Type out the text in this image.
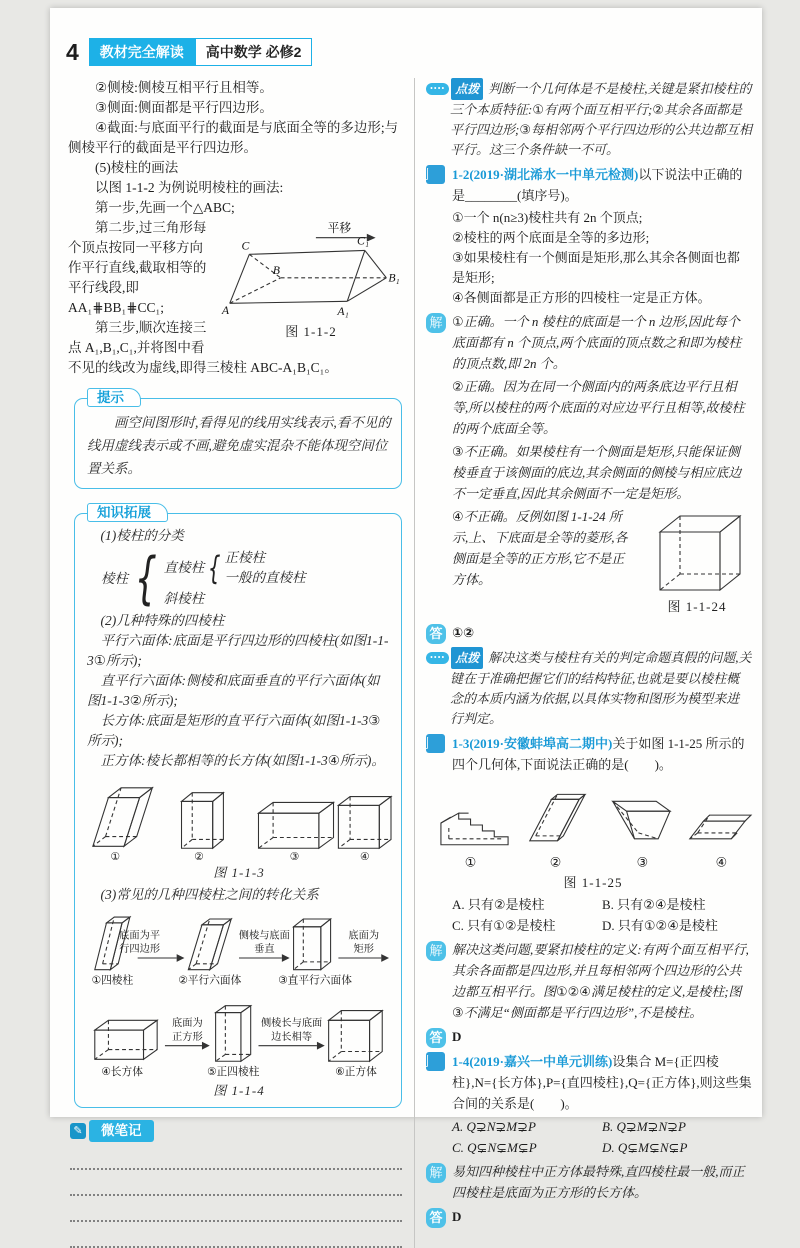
4	教材完全解读	高中数学 必修2

②侧棱:侧棱互相平行且相等。

③侧面:侧面都是平行四边形。

④截面:与底面平行的截面是与底面全等的多边形;与侧棱平行的截面是平行四边形。

(5)棱柱的画法

以图 1-1-2 为例说明棱柱的画法:

第一步,先画一个△ABC;

平移
A
C
B
A₁
C₁
B₁
图 1-1-2

第二步,过三角形每个顶点按同一平移方向作平行直线,截取相等的平行线段,即 AA₁⋕BB₁⋕CC₁;

第三步,顺次连接三点 A₁,B₁,C₁,并将图中看不见的线改为虚线,即得三棱柱 ABC-A₁B₁C₁。

提示

画空间图形时,看得见的线用实线表示,看不见的线用虚线表示或不画,避免虚实混杂不能体现空间位置关系。

知识拓展

(1)棱柱的分类

棱柱 { 直棱柱 { 正棱柱
一般的直棱柱
斜棱柱

(2)几种特殊的四棱柱

平行六面体:底面是平行四边形的四棱柱(如图1-1-3①所示);

直平行六面体:侧棱和底面垂直的平行六面体(如图1-1-3②所示);

长方体:底面是矩形的直平行六面体(如图1-1-3③所示);

正方体:棱长都相等的长方体(如图1-1-3④所示)。

①	②	③	④
图 1-1-3

(3)常见的几种四棱柱之间的转化关系

底面为平
行四边形
侧棱与底面
垂直
底面为
矩形
①四棱柱	②平行六面体	③直平行六面体
底面为
正方形
侧棱长与底面
边长相等
④长方体	⑤正四棱柱	⑥正方体
图 1-1-4
✎	微笔记

•••• 点拨 判断一个几何体是不是棱柱,关键是紧扣棱柱的三个本质特征:①有两个面互相平行;②其余各面都是平行四边形;③每相邻两个平行四边形的公共边都互相平行。这三个条件缺一不可。

例 1-2(2019·湖北浠水一中单元检测)以下说法中正确的是________(填序号)。

①一个 n(n≥3)棱柱共有 2n 个顶点;

②棱柱的两个底面是全等的多边形;

③如果棱柱有一个侧面是矩形,那么其余各侧面也都是矩形;

④各侧面都是正方形的四棱柱一定是正方体。

解 ①正确。一个 n 棱柱的底面是一个 n 边形,因此每个底面都有 n 个顶点,两个底面的顶点数之和即为棱柱的顶点数,即 2n 个。

②正确。因为在同一个侧面内的两条底边平行且相等,所以棱柱的两个底面的对应边平行且相等,故棱柱的两个底面全等。

③不正确。如果棱柱有一个侧面是矩形,只能保证侧棱垂直于该侧面的底边,其余侧面的侧棱与相应底边不一定垂直,因此其余侧面不一定是矩形。

图 1-1-24

④不正确。反例如图 1-1-24 所示,上、下底面是全等的菱形,各侧面是全等的正方形,它不是正方体。

答 ①②

•••• 点拨 解决这类与棱柱有关的判定命题真假的问题,关键在于准确把握它们的结构特征,也就是要以棱柱概念的本质内涵为依据,以具体实物和图形为模型来进行判定。

例 1-3(2019·安徽蚌埠高二期中)关于如图 1-1-25 所示的四个几何体,下面说法正确的是(　　)。

①	②	③	④
图 1-1-25
A. 只有②是棱柱	B. 只有②④是棱柱
C. 只有①②是棱柱	D. 只有①②④是棱柱
解 解决这类问题,要紧扣棱柱的定义:有两个面互相平行,其余各面都是四边形,并且每相邻两个四边形的公共边都互相平行。图①②④满足棱柱的定义,是棱柱;图③不满足“侧面都是平行四边形”,不是棱柱。

答 D

例 1-4(2019·嘉兴一中单元训练)设集合 M={正四棱柱},N={长方体},P={直四棱柱},Q={正方体},则这些集合间的关系是(　　)。

A. Q⊋N⊋M⊋P	B. Q⊋M⊋N⊋P
C. Q⊊N⊊M⊊P	D. Q⊊M⊊N⊊P
解 易知四种棱柱中正方体最特殊,直四棱柱最一般,而正四棱柱是底面为正方形的长方体。

答 D
